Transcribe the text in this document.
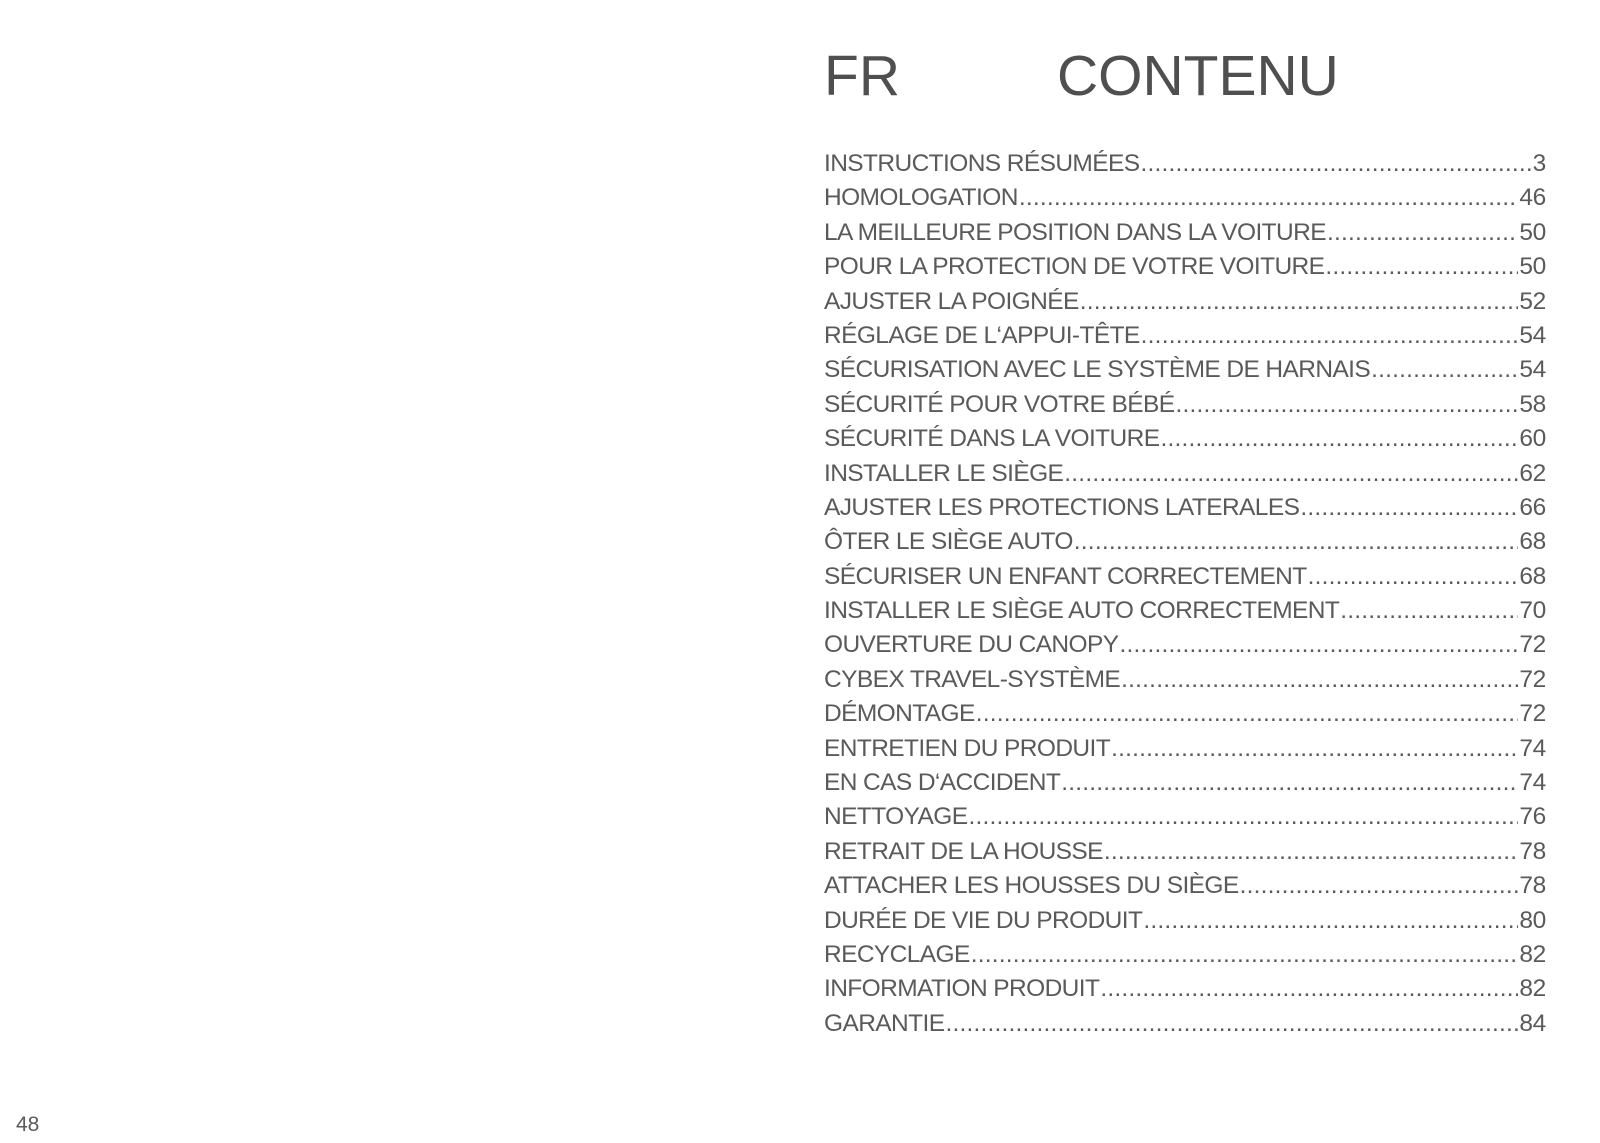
FR	CONTENU
INSTRUCTIONS RÉSUMÉES .....	3
HOMOLOGATION .....	46
LA MEILLEURE POSITION DANS LA VOITURE .....	50
POUR LA PROTECTION DE VOTRE VOITURE .....	50
AJUSTER LA POIGNÉE .....	52
RÉGLAGE DE L‘APPUI-TÊTE .....	54
SÉCURISATION AVEC LE SYSTÈME DE HARNAIS .....	54
SÉCURITÉ POUR VOTRE BÉBÉ .....	58
SÉCURITÉ DANS LA VOITURE .....	60
INSTALLER LE SIÈGE .....	62
AJUSTER LES PROTECTIONS LATERALES .....	66
ÔTER LE SIÈGE AUTO .....	68
SÉCURISER UN ENFANT CORRECTEMENT .....	68
INSTALLER LE SIÈGE AUTO CORRECTEMENT .....	70
OUVERTURE DU CANOPY .....	72
CYBEX TRAVEL-SYSTÈME .....	72
DÉMONTAGE .....	72
ENTRETIEN DU PRODUIT .....	74
EN CAS D‘ACCIDENT .....	74
NETTOYAGE .....	76
RETRAIT DE LA HOUSSE .....	78
ATTACHER LES HOUSSES DU SIÈGE .....	78
DURÉE DE VIE DU PRODUIT .....	80
RECYCLAGE .....	82
INFORMATION PRODUIT .....	82
GARANTIE .....	84
48
